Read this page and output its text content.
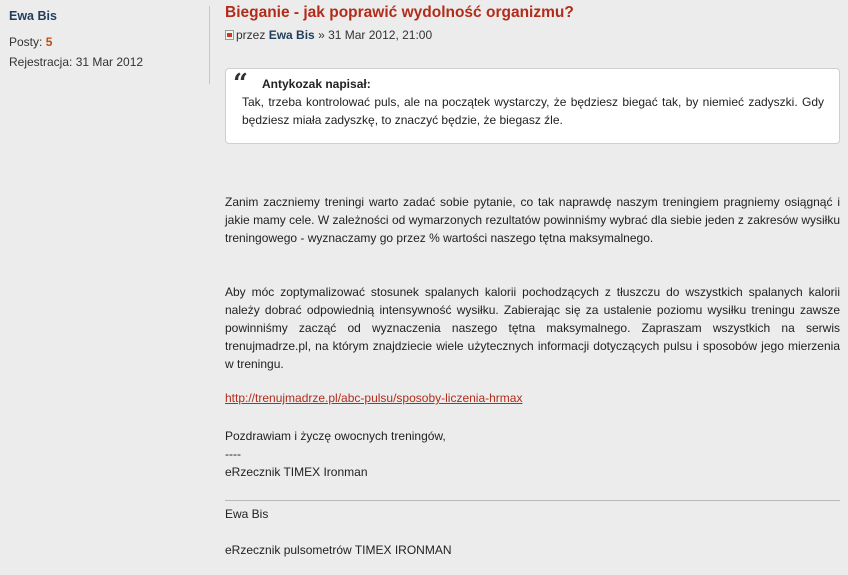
Ewa Bis
Posty: 5
Rejestracja: 31 Mar 2012
Bieganie - jak poprawić wydolność organizmu?
przez Ewa Bis » 31 Mar 2012, 21:00
“ Antykozak napisał:
Tak, trzeba kontrolować puls, ale na początek wystarczy, że będziesz biegać tak, by niemieć zadyszki. Gdy będziesz miała zadyszkę, to znaczyć będzie, że biegasz źle.
Zanim zaczniemy treningi warto zadać sobie pytanie, co tak naprawdę naszym treningiem pragniemy osiągnąć i jakie mamy cele. W zależności od wymarzonych rezultatów powinniśmy wybrać dla siebie jeden z zakresów wysiłku treningowego - wyznaczamy go przez % wartości naszego tętna maksymalnego.
Aby móc zoptymalizować stosunek spalanych kalorii pochodzących z tłuszczu do wszystkich spalanych kalorii należy dobrać odpowiednią intensywność wysiłku. Zabierając się za ustalenie poziomu wysiłku treningu zawsze powinniśmy zacząć od wyznaczenia naszego tętna maksymalnego. Zapraszam wszystkich na serwis trenujmadrze.pl, na którym znajdziecie wiele użytecznych informacji dotyczących pulsu i sposobów jego mierzenia w treningu.
http://trenujmadrze.pl/abc-pulsu/sposoby-liczenia-hrmax
Pozdrawiam i życzę owocnych treningów,
----
eRzecznik TIMEX Ironman
Ewa Bis
eRzecznik pulsometrów TIMEX IRONMAN
